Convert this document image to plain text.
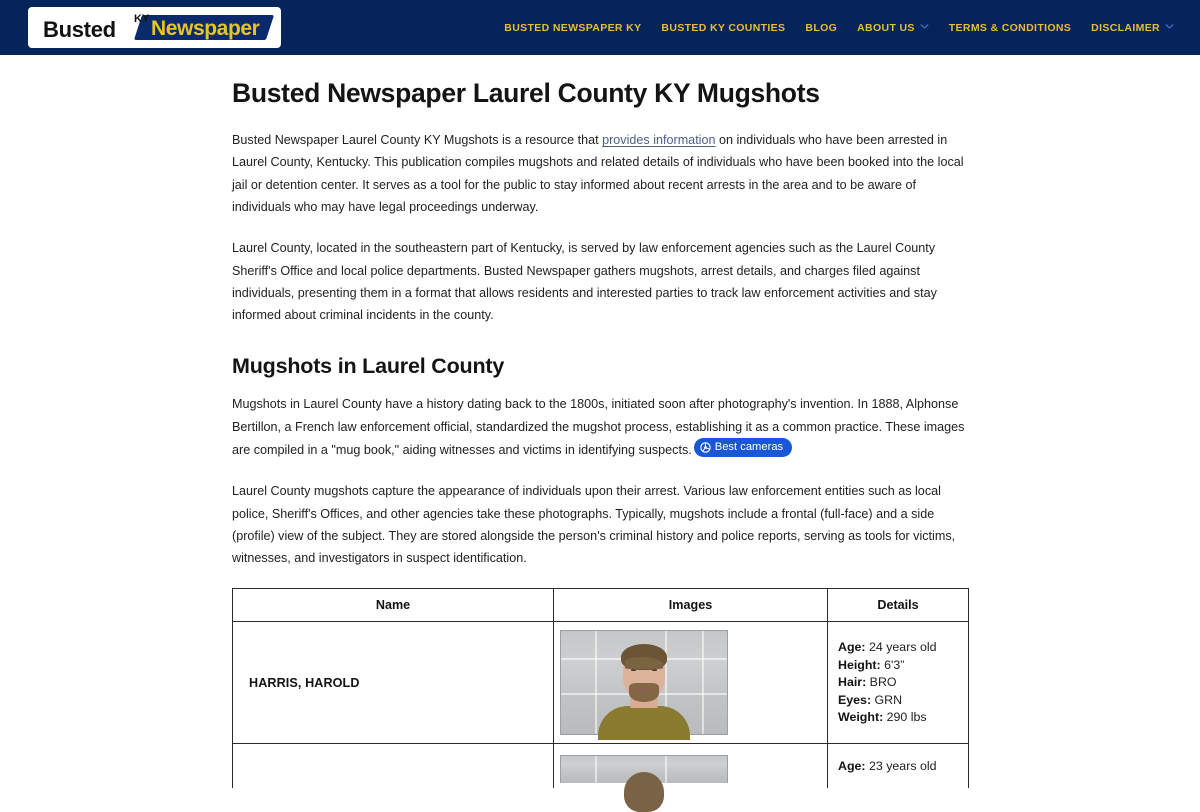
Busted KY Newspaper	BUSTED NEWSPAPER KY BUSTED KY COUNTIES BLOG ABOUT US	TERMS & CONDITIONS DISCLAIMER
Busted Newspaper Laurel County KY Mugshots

Busted Newspaper Laurel County KY Mugshots is a resource that provides information on individuals who have been arrested in Laurel County, Kentucky. This publication compiles mugshots and related details of individuals who have been booked into the local jail or detention center. It serves as a tool for the public to stay informed about recent arrests in the area and to be aware of individuals who may have legal proceedings underway.

Laurel County, located in the southeastern part of Kentucky, is served by law enforcement agencies such as the Laurel County Sheriff's Office and local police departments. Busted Newspaper gathers mugshots, arrest details, and charges filed against individuals, presenting them in a format that allows residents and interested parties to track law enforcement activities and stay informed about criminal incidents in the county.

Mugshots in Laurel County

Mugshots in Laurel County have a history dating back to the 1800s, initiated soon after photography's invention. In 1888, Alphonse Bertillon, a French law enforcement official, standardized the mugshot process, establishing it as a common practice. These images are compiled in a "mug book," aiding witnesses and victims in identifying suspects. Best cameras

Laurel County mugshots capture the appearance of individuals upon their arrest. Various law enforcement entities such as local police, Sheriff's Offices, and other agencies take these photographs. Typically, mugshots include a frontal (full-face) and a side (profile) view of the subject. They are stored alongside the person's criminal history and police reports, serving as tools for victims, witnesses, and investigators in suspect identification.

Name	Images	Details
HARRIS, HAROLD		Age: 24 years old
Height: 6'3”
Hair: BRO
Eyes: GRN
Weight: 290 lbs

		Age: 23 years old
